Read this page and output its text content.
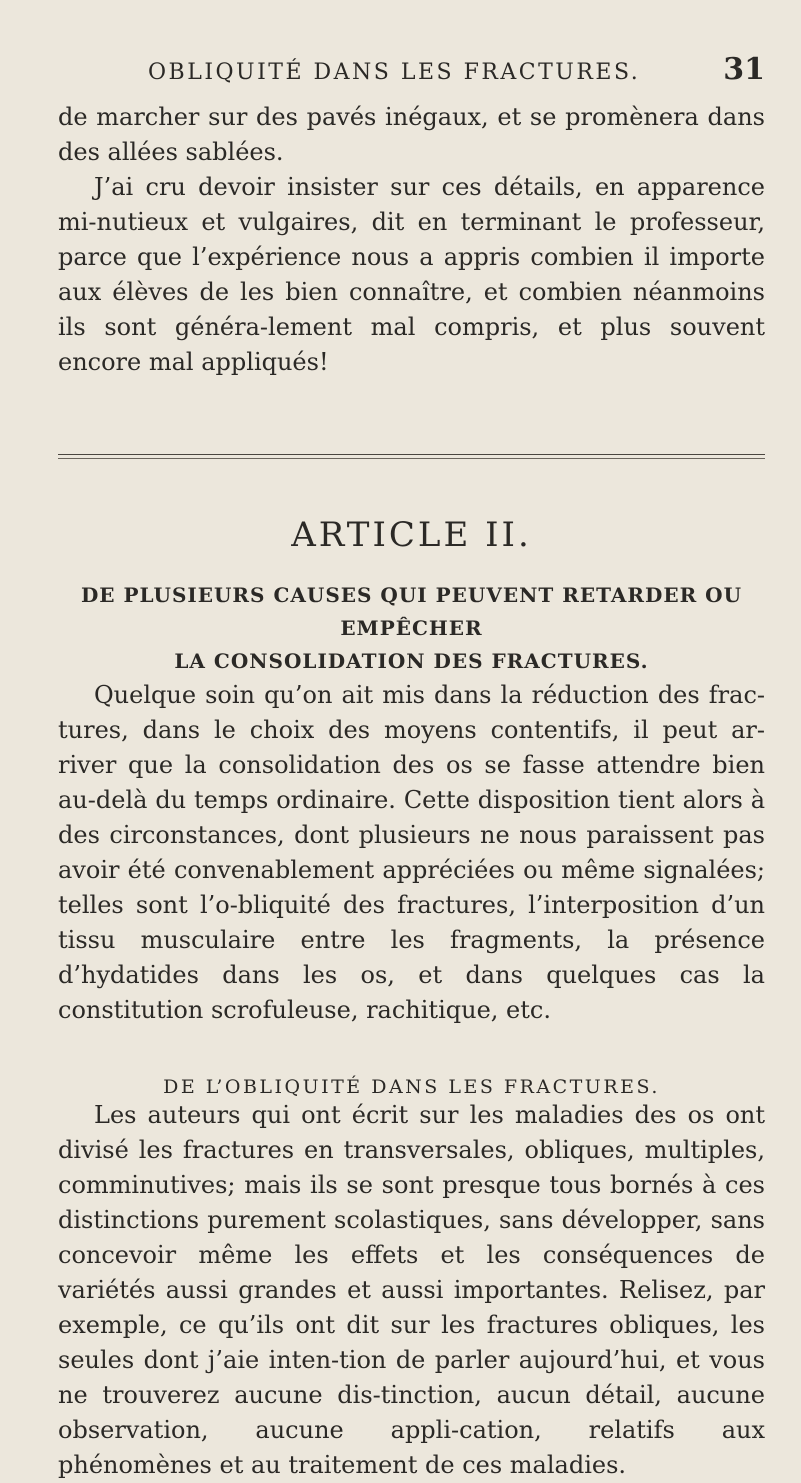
OBLIQUITÉ DANS LES FRACTURES.	31

de marcher sur des pavés inégaux, et se promènera dans des allées sablées.

J’ai cru devoir insister sur ces détails, en apparence mi-nutieux et vulgaires, dit en terminant le professeur, parce que l’expérience nous a appris combien il importe aux élèves de les bien connaître, et combien néanmoins ils sont généra-lement mal compris, et plus souvent encore mal appliqués!

ARTICLE II.
DE PLUSIEURS CAUSES QUI PEUVENT RETARDER OU EMPÊCHER
LA CONSOLIDATION DES FRACTURES.

Quelque soin qu’on ait mis dans la réduction des frac-tures, dans le choix des moyens contentifs, il peut ar-river que la consolidation des os se fasse attendre bien au-delà du temps ordinaire. Cette disposition tient alors à des circonstances, dont plusieurs ne nous paraissent pas avoir été convenablement appréciées ou même signalées; telles sont l’o-bliquité des fractures, l’interposition d’un tissu musculaire entre les fragments, la présence d’hydatides dans les os, et dans quelques cas la constitution scrofuleuse, rachitique, etc.

DE L’OBLIQUITÉ DANS LES FRACTURES.

Les auteurs qui ont écrit sur les maladies des os ont divisé les fractures en transversales, obliques, multiples, comminutives; mais ils se sont presque tous bornés à ces distinctions purement scolastiques, sans développer, sans concevoir même les effets et les conséquences de variétés aussi grandes et aussi importantes. Relisez, par exemple, ce qu’ils ont dit sur les fractures obliques, les seules dont j’aie inten-tion de parler aujourd’hui, et vous ne trouverez aucune dis-tinction, aucun détail, aucune observation, aucune appli-cation, relatifs aux phénomènes et au traitement de ces maladies.
